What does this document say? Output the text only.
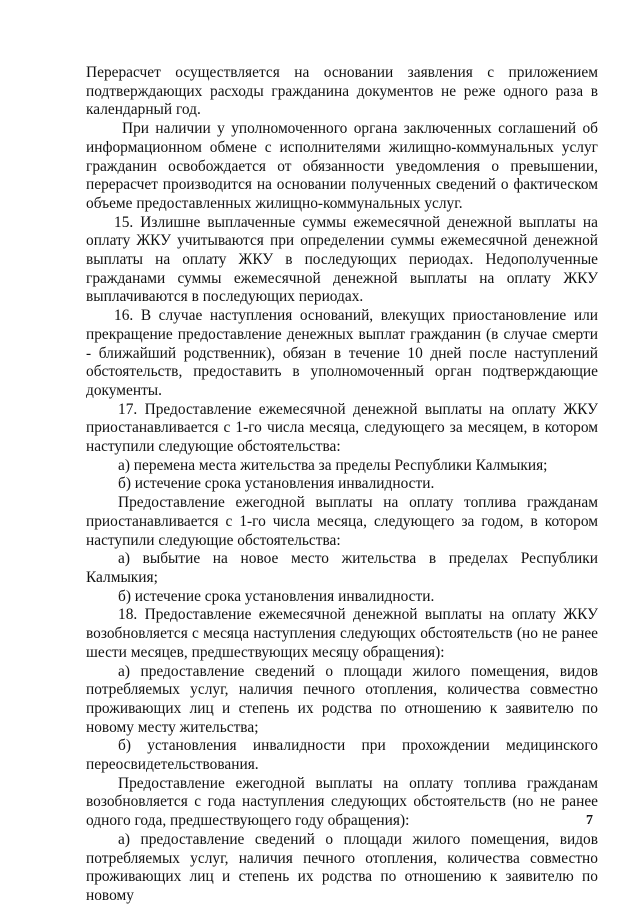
Перерасчет осуществляется на основании заявления с приложением подтверждающих расходы гражданина документов не реже одного раза в календарный год.

При наличии у уполномоченного органа заключенных соглашений об информационном обмене с исполнителями жилищно-коммунальных услуг гражданин освобождается от обязанности уведомления о превышении, перерасчет производится на основании полученных сведений о фактическом объеме предоставленных жилищно-коммунальных услуг.

15. Излишне выплаченные суммы ежемесячной денежной выплаты на оплату ЖКУ учитываются при определении суммы ежемесячной денежной выплаты на оплату ЖКУ в последующих периодах. Недополученные гражданами суммы ежемесячной денежной выплаты на оплату ЖКУ выплачиваются в последующих периодах.

16. В случае наступления оснований, влекущих приостановление или прекращение предоставление денежных выплат гражданин (в случае смерти - ближайший родственник), обязан в течение 10 дней после наступлений обстоятельств, предоставить в уполномоченный орган подтверждающие документы.

17. Предоставление ежемесячной денежной выплаты на оплату ЖКУ приостанавливается с 1-го числа месяца, следующего за месяцем, в котором наступили следующие обстоятельства:

а) перемена места жительства за пределы Республики Калмыкия;

б) истечение срока установления инвалидности.

Предоставление ежегодной выплаты на оплату топлива гражданам приостанавливается с 1-го числа месяца, следующего за годом, в котором наступили следующие обстоятельства:

а) выбытие на новое место жительства в пределах Республики Калмыкия;

б) истечение срока установления инвалидности.

18. Предоставление ежемесячной денежной выплаты на оплату ЖКУ возобновляется с месяца наступления следующих обстоятельств (но не ранее шести месяцев, предшествующих месяцу обращения):

а) предоставление сведений о площади жилого помещения, видов потребляемых услуг, наличия печного отопления, количества совместно проживающих лиц и степень их родства по отношению к заявителю по новому месту жительства;

б) установления инвалидности при прохождении медицинского переосвидетельствования.

Предоставление ежегодной выплаты на оплату топлива гражданам возобновляется с года наступления следующих обстоятельств (но не ранее одного года, предшествующего году обращения):

а) предоставление сведений о площади жилого помещения, видов потребляемых услуг, наличия печного отопления, количества совместно проживающих лиц и степень их родства по отношению к заявителю по новому

7
